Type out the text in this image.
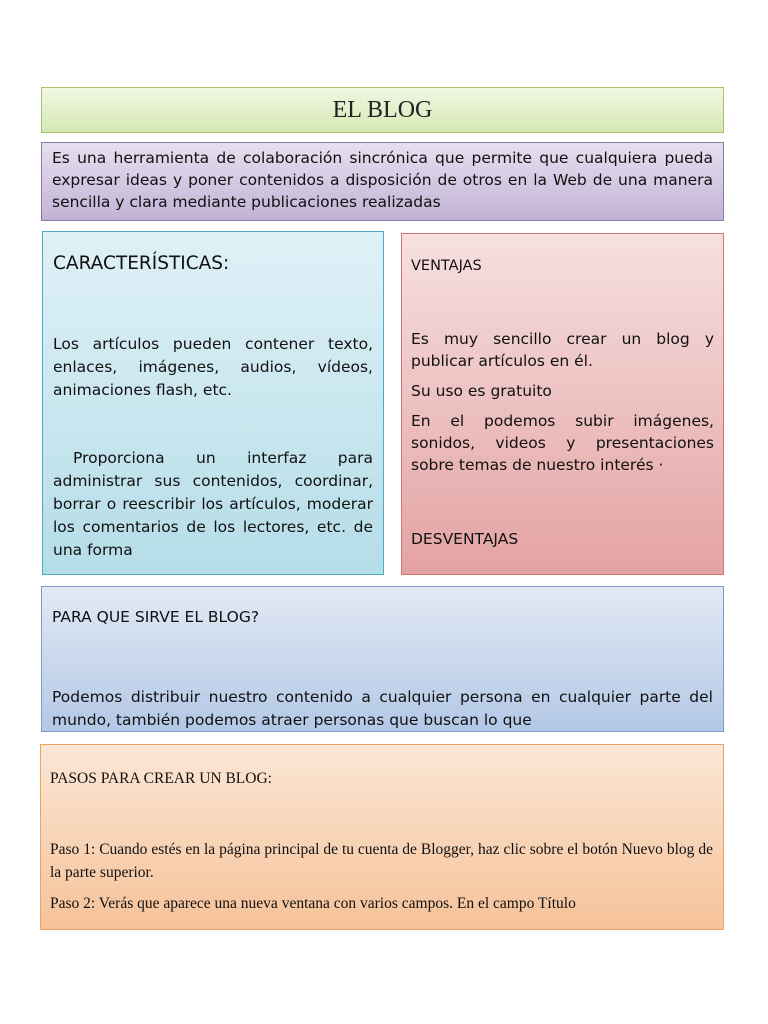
EL BLOG
Es una herramienta de colaboración sincrónica que permite que cualquiera pueda expresar ideas y poner contenidos a disposición de otros en la Web de una manera sencilla y clara mediante publicaciones realizadas

CARACTERÍSTICAS:

Los artículos pueden contener texto, enlaces, imágenes, audios, vídeos, animaciones flash, etc.

Proporciona un interfaz para administrar sus contenidos, coordinar, borrar o reescribir los artículos, moderar los comentarios de los lectores, etc. de una forma

VENTAJAS

Es muy sencillo crear un blog y publicar artículos en él.

Su uso es gratuito

En el podemos subir imágenes, sonidos, videos y presentaciones sobre temas de nuestro interés ·

DESVENTAJAS

PARA QUE SIRVE EL BLOG?

Podemos distribuir nuestro contenido a cualquier persona en cualquier parte del mundo, también podemos atraer personas que buscan lo que

PASOS PARA CREAR UN BLOG:

Paso 1: Cuando estés en la página principal de tu cuenta de Blogger, haz clic sobre el botón Nuevo blog de la parte superior.

Paso 2: Verás que aparece una nueva ventana con varios campos. En el campo Título
